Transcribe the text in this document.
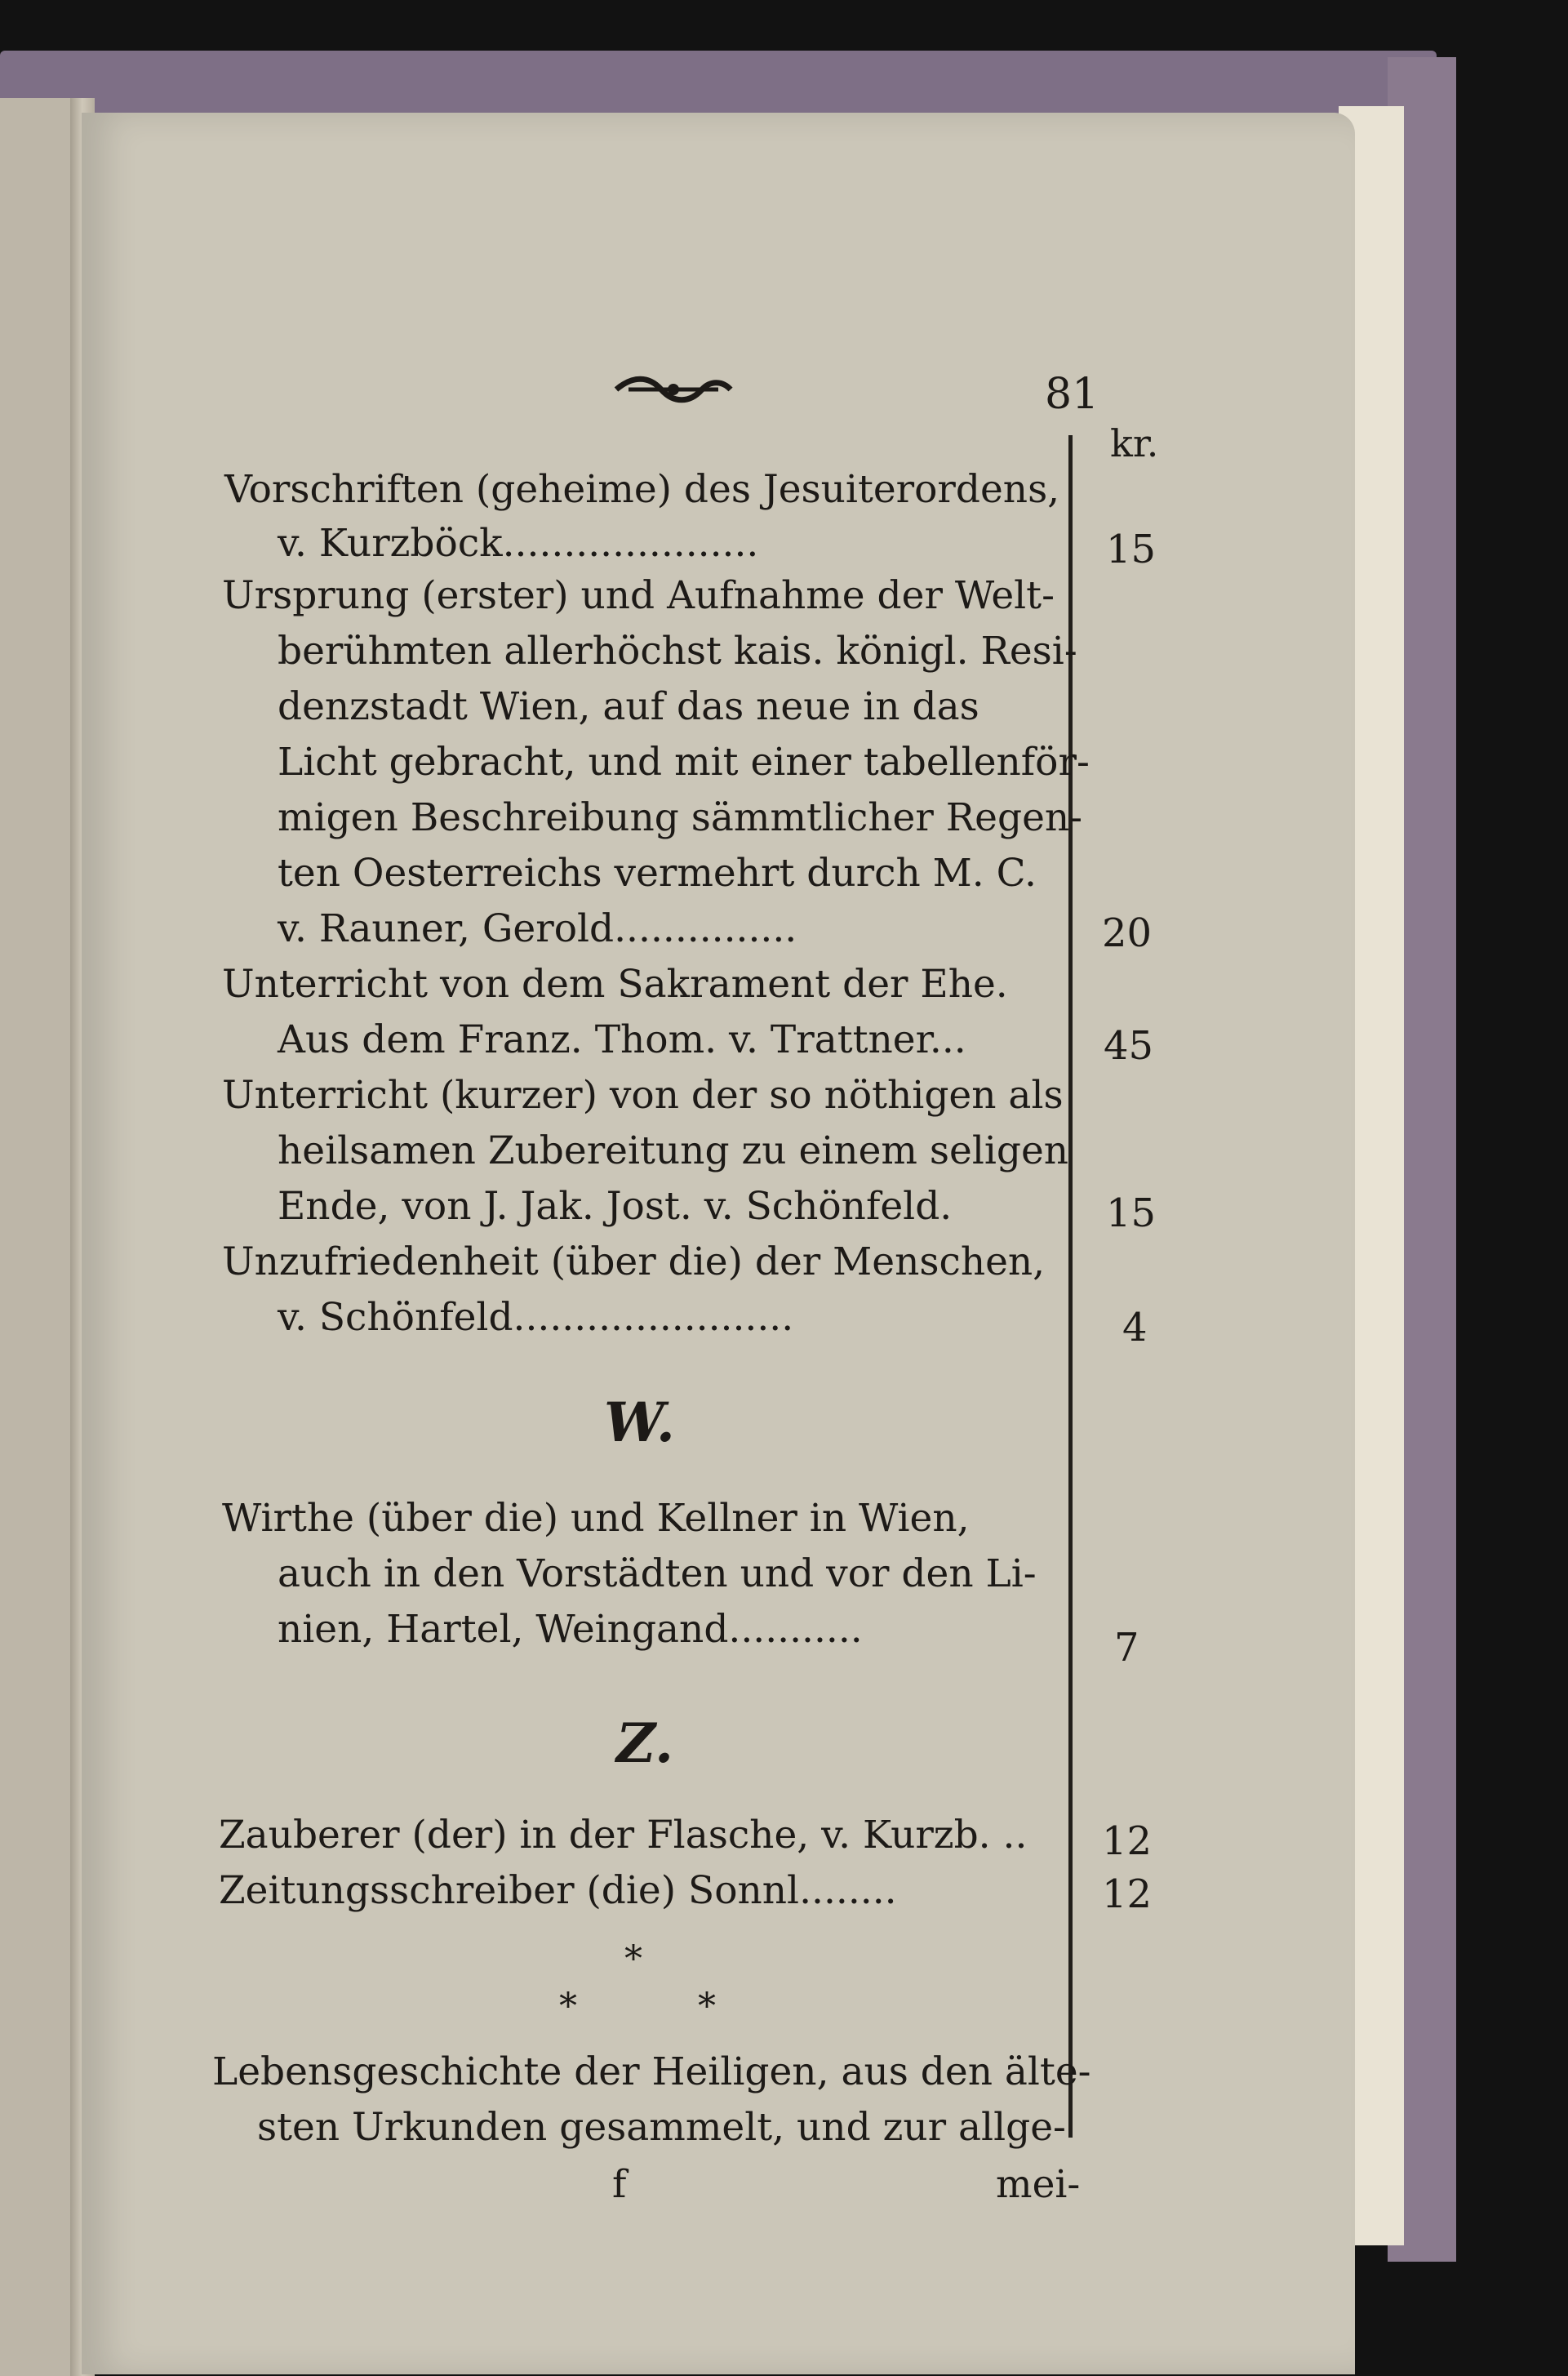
81
kr.
Vorschriften (geheime) des Jesuiterordens,
v. Kurzböck.....................	15
Ursprung (erster) und Aufnahme der Welt-
berühmten allerhöchst kais. königl. Resi-
denzstadt Wien, auf das neue in das
Licht gebracht, und mit einer tabellenför-
migen Beschreibung sämmtlicher Regen-
ten Oesterreichs vermehrt durch M. C.
v. Rauner, Gerold...............	20
Unterricht von dem Sakrament der Ehe.
Aus dem Franz. Thom. v. Trattner...	45
Unterricht (kurzer) von der so nöthigen als
heilsamen Zubereitung zu einem seligen
Ende, von J. Jak. Jost. v. Schönfeld.	15
Unzufriedenheit (über die) der Menschen,
v. Schönfeld.......................	4
W.
Wirthe (über die) und Kellner in Wien,
auch in den Vorstädten und vor den Li-
nien, Hartel, Weingand...........	7
Z.
Zauberer (der) in der Flasche, v. Kurzb. .. 12
Zeitungsschreiber (die) Sonnl........	12
*
*	*
Lebensgeschichte der Heiligen, aus den älte-
sten Urkunden gesammelt, und zur allge-
f	mei-
